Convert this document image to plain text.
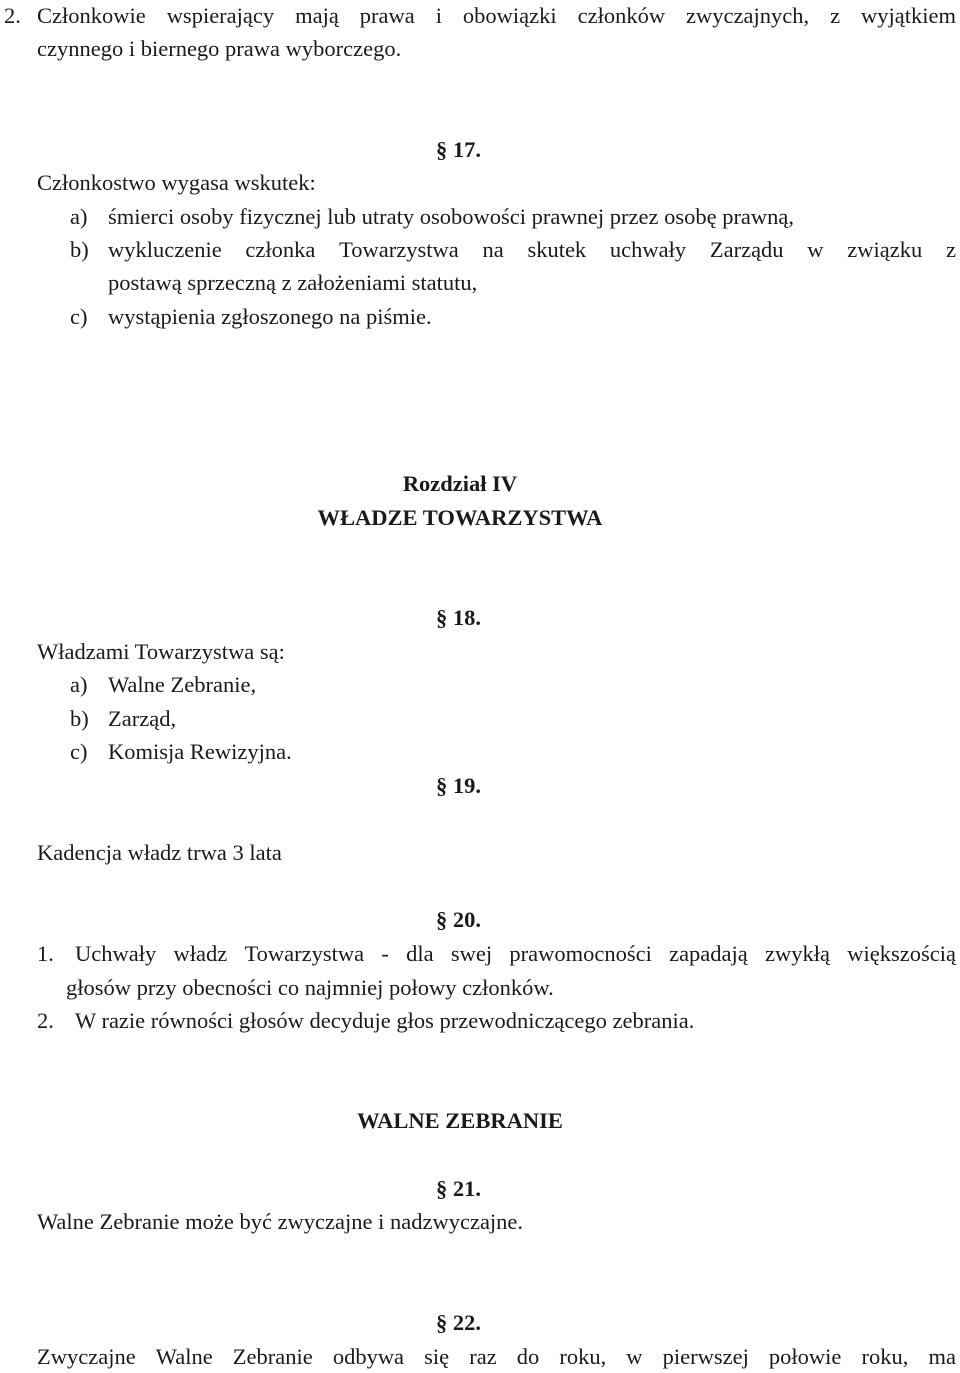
2. Członkowie wspierający mają prawa i obowiązki członków zwyczajnych, z wyjątkiem
czynnego i biernego prawa wyborczego.
§ 17.
Członkostwo wygasa wskutek:
a) śmierci osoby fizycznej lub utraty osobowości prawnej przez osobę prawną,
b) wykluczenie członka Towarzystwa na skutek uchwały Zarządu w związku z
postawą sprzeczną z założeniami statutu,
c) wystąpienia zgłoszonego na piśmie.
Rozdział IV
WŁADZE TOWARZYSTWA
§ 18.
Władzami Towarzystwa są:
a) Walne Zebranie,
b) Zarząd,
c) Komisja Rewizyjna.
§ 19.
Kadencja władz trwa 3 lata
§ 20.
1. Uchwały władz Towarzystwa - dla swej prawomocności zapadają zwykłą większością
głosów przy obecności co najmniej połowy członków.
2. W razie równości głosów decyduje głos przewodniczącego zebrania.
WALNE ZEBRANIE
§ 21.
Walne Zebranie może być zwyczajne i nadzwyczajne.
§ 22.
Zwyczajne Walne Zebranie odbywa się raz do roku, w pierwszej połowie roku, ma
